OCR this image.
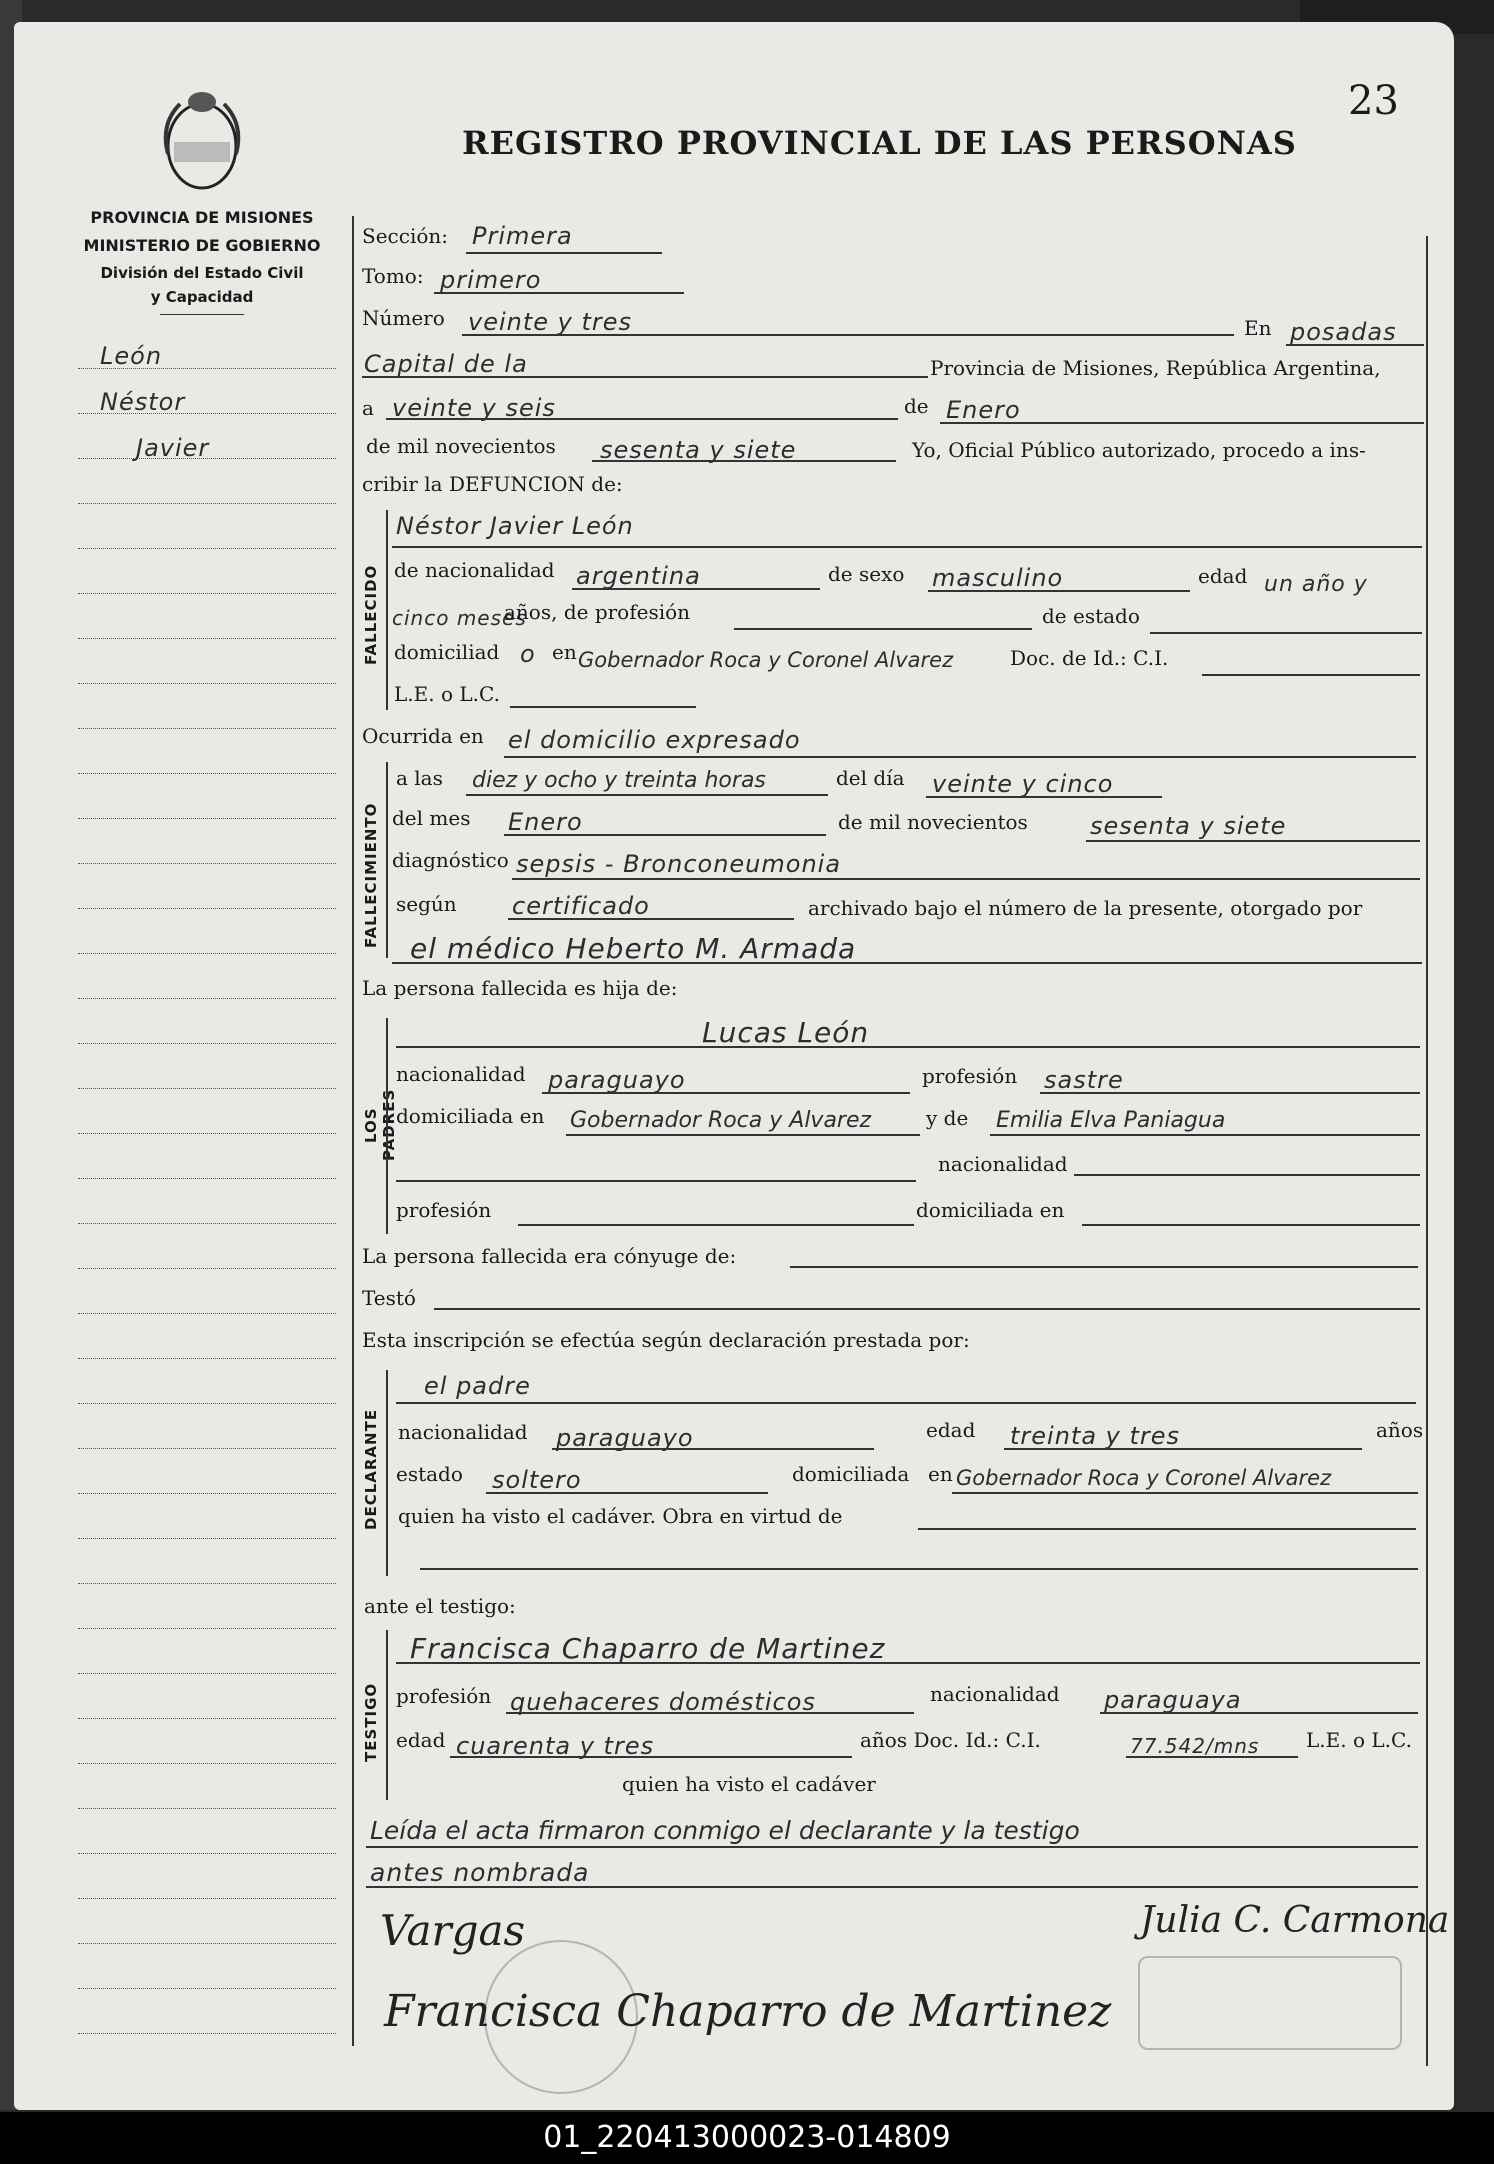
PROVINCIA DE MISIONES
MINISTERIO DE GOBIERNO
División del Estado Civil
y Capacidad
23
REGISTRO PROVINCIAL DE LAS PERSONAS
León
Néstor
Javier
Sección: Primera
Tomo: primero
Número veinte y tres	En posadas
Capital de la	Provincia de Misiones, República Argentina,
a veinte y seis	de Enero
de mil novecientos sesenta y siete	Yo, Oficial Público autorizado, procedo a ins-
cribir la DEFUNCION de:
FALLECIDO
Néstor Javier León
de nacionalidad argentina	de sexo masculino	edad un año y
cinco meses
años, de profesión	de estado
domiciliad o en Gobernador Roca y Coronel Alvarez	Doc. de Id.: C.I.
L.E. o L.C.
Ocurrida en el domicilio expresado
FALLECIMIENTO
a las diez y ocho y treinta horas	del día veinte y cinco
del mes Enero	de mil novecientos	sesenta y siete
diagnóstico sepsis - Bronconeumonia
según certificado	archivado bajo el número de la presente, otorgado por
el médico Heberto M. Armada
La persona fallecida es hija de:
LOS PADRES
Lucas León
nacionalidad paraguayo	profesión sastre
domiciliada en Gobernador Roca y Alvarez	y de Emilia Elva Paniagua
nacionalidad
profesión	domiciliada en
La persona fallecida era cónyuge de:
Testó
Esta inscripción se efectúa según declaración prestada por:
DECLARANTE
el padre
nacionalidad paraguayo	edad treinta y tres	años
estado soltero	domiciliada en Gobernador Roca y Coronel Alvarez
quien ha visto el cadáver. Obra en virtud de
ante el testigo:
TESTIGO
Francisca Chaparro de Martinez
profesión quehaceres domésticos	nacionalidad paraguaya
edad cuarenta y tres	años Doc. Id.: C.I.	77.542/mns L.E. o L.C.
quien ha visto el cadáver
Leída el acta firmaron conmigo el declarante y la testigo
antes nombrada
Vargas	Julia C. Carmona
Francisca Chaparro de Martinez
01_220413000023-014809
